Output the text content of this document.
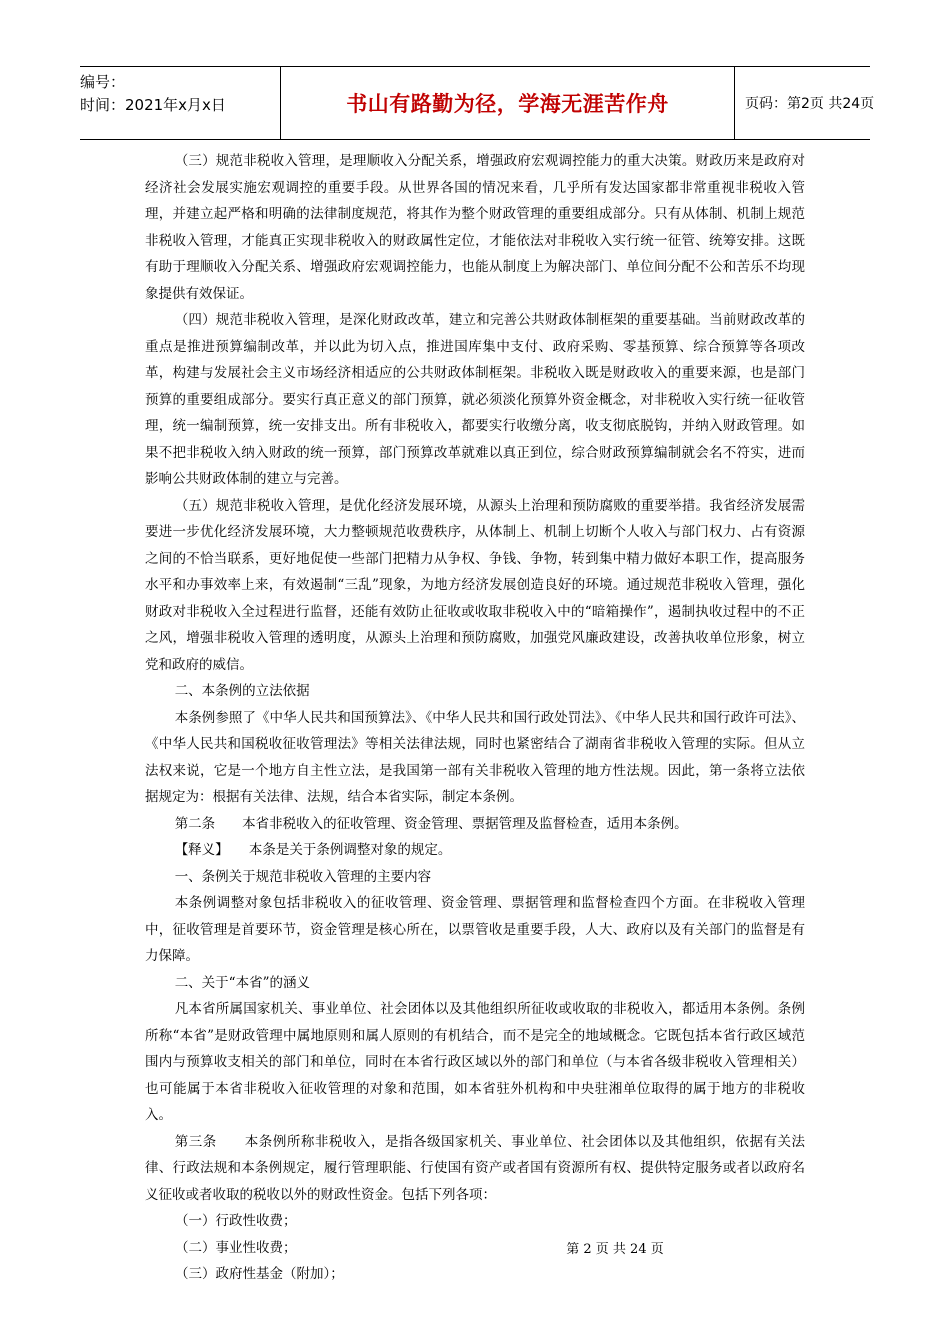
编号：
时间：2021年x月x日	书山有路勤为径，学海无涯苦作舟	页码：第2页 共24页

（三）规范非税收入管理，是理顺收入分配关系，增强政府宏观调控能力的重大决策。财政历来是政府对经济社会发展实施宏观调控的重要手段。从世界各国的情况来看，几乎所有发达国家都非常重视非税收入管理，并建立起严格和明确的法律制度规范，将其作为整个财政管理的重要组成部分。只有从体制、机制上规范非税收入管理，才能真正实现非税收入的财政属性定位，才能依法对非税收入实行统一征管、统筹安排。这既有助于理顺收入分配关系、增强政府宏观调控能力，也能从制度上为解决部门、单位间分配不公和苦乐不均现象提供有效保证。

（四）规范非税收入管理，是深化财政改革，建立和完善公共财政体制框架的重要基础。当前财政改革的重点是推进预算编制改革，并以此为切入点，推进国库集中支付、政府采购、零基预算、综合预算等各项改革，构建与发展社会主义市场经济相适应的公共财政体制框架。非税收入既是财政收入的重要来源，也是部门预算的重要组成部分。要实行真正意义的部门预算，就必须淡化预算外资金概念，对非税收入实行统一征收管理，统一编制预算，统一安排支出。所有非税收入，都要实行收缴分离，收支彻底脱钩，并纳入财政管理。如果不把非税收入纳入财政的统一预算，部门预算改革就难以真正到位，综合财政预算编制就会名不符实，进而影响公共财政体制的建立与完善。

（五）规范非税收入管理，是优化经济发展环境，从源头上治理和预防腐败的重要举措。我省经济发展需要进一步优化经济发展环境，大力整顿规范收费秩序，从体制上、机制上切断个人收入与部门权力、占有资源之间的不恰当联系，更好地促使一些部门把精力从争权、争钱、争物，转到集中精力做好本职工作，提高服务水平和办事效率上来，有效遏制“三乱”现象，为地方经济发展创造良好的环境。通过规范非税收入管理，强化财政对非税收入全过程进行监督，还能有效防止征收或收取非税收入中的“暗箱操作”，遏制执收过程中的不正之风，增强非税收入管理的透明度，从源头上治理和预防腐败，加强党风廉政建设，改善执收单位形象，树立党和政府的威信。

二、本条例的立法依据

本条例参照了《中华人民共和国预算法》、《中华人民共和国行政处罚法》、《中华人民共和国行政许可法》、《中华人民共和国税收征收管理法》等相关法律法规，同时也紧密结合了湖南省非税收入管理的实际。但从立法权来说，它是一个地方自主性立法，是我国第一部有关非税收入管理的地方性法规。因此，第一条将立法依据规定为：根据有关法律、法规，结合本省实际，制定本条例。

第二条　　本省非税收入的征收管理、资金管理、票据管理及监督检查，适用本条例。

【释义】　　本条是关于条例调整对象的规定。

一、条例关于规范非税收入管理的主要内容

本条例调整对象包括非税收入的征收管理、资金管理、票据管理和监督检查四个方面。在非税收入管理中，征收管理是首要环节，资金管理是核心所在，以票管收是重要手段，人大、政府以及有关部门的监督是有力保障。

二、关于“本省”的涵义

凡本省所属国家机关、事业单位、社会团体以及其他组织所征收或收取的非税收入，都适用本条例。条例所称“本省”是财政管理中属地原则和属人原则的有机结合，而不是完全的地域概念。它既包括本省行政区域范围内与预算收支相关的部门和单位，同时在本省行政区域以外的部门和单位（与本省各级非税收入管理相关）也可能属于本省非税收入征收管理的对象和范围，如本省驻外机构和中央驻湘单位取得的属于地方的非税收入。

第三条　　本条例所称非税收入，是指各级国家机关、事业单位、社会团体以及其他组织，依据有关法律、行政法规和本条例规定，履行管理职能、行使国有资产或者国有资源所有权、提供特定服务或者以政府名义征收或者收取的税收以外的财政性资金。包括下列各项：

（一）行政性收费；

（二）事业性收费；

（三）政府性基金（附加）；

第 2 页 共 24 页
